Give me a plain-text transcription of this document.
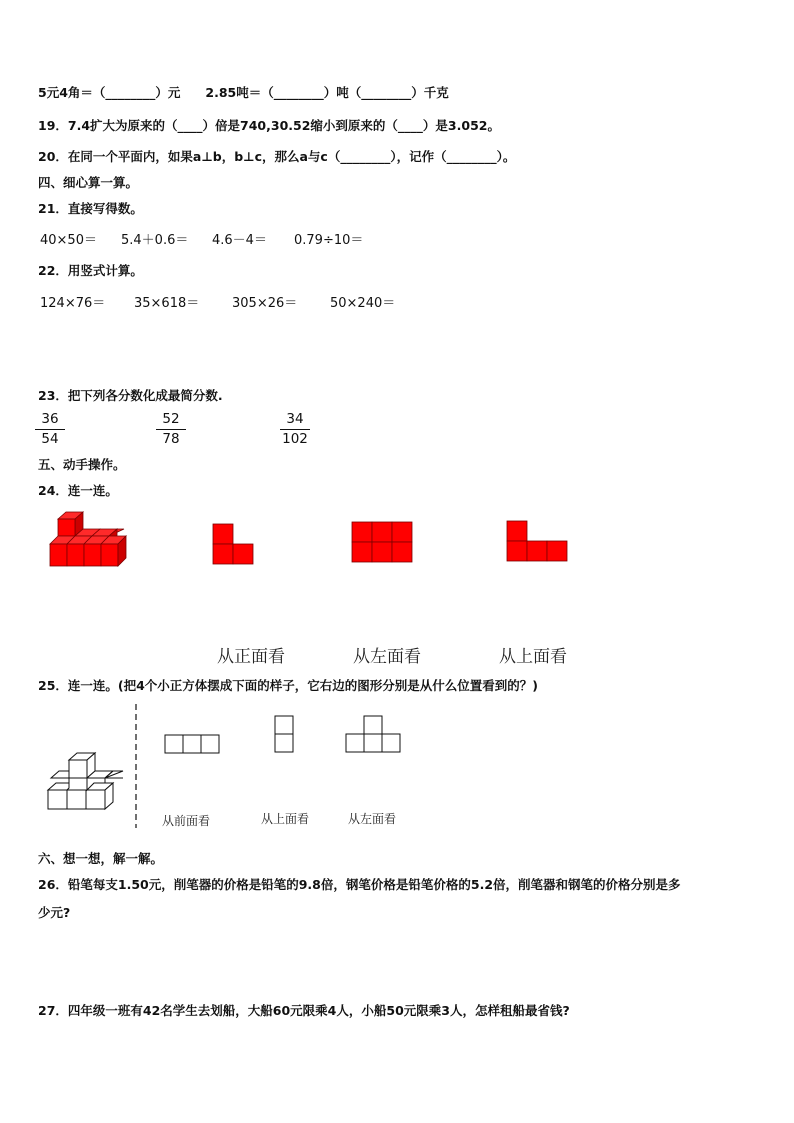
5元4角＝（________）元　　2.85吨＝（________）吨（________）千克
19．7.4扩大为原来的（____）倍是740,30.52缩小到原来的（____）是3.052。
20．在同一个平面内，如果a⊥b，b⊥c，那么a与c（________），记作（________）。
四、细心算一算。
21．直接写得数。
40×50＝ 5.4＋0.6＝ 4.6－4＝ 0.79÷10＝
22．用竖式计算。
124×76＝ 35×618＝	305×26＝	50×240＝
23．把下列各分数化成最简分数.
36
54
52
78
34
102
五、动手操作。
24．连一连。
从正面看	从左面看	从上面看
25．连一连。(把4个小正方体摆成下面的样子，它右边的图形分别是从什么位置看到的？)
从前面看	从上面看	从左面看
六、想一想，解一解。
26．铅笔每支1.50元，削笔器的价格是铅笔的9.8倍，钢笔价格是铅笔价格的5.2倍，削笔器和钢笔的价格分别是多
少元?
27．四年级一班有42名学生去划船，大船60元限乘4人，小船50元限乘3人，怎样租船最省钱?
